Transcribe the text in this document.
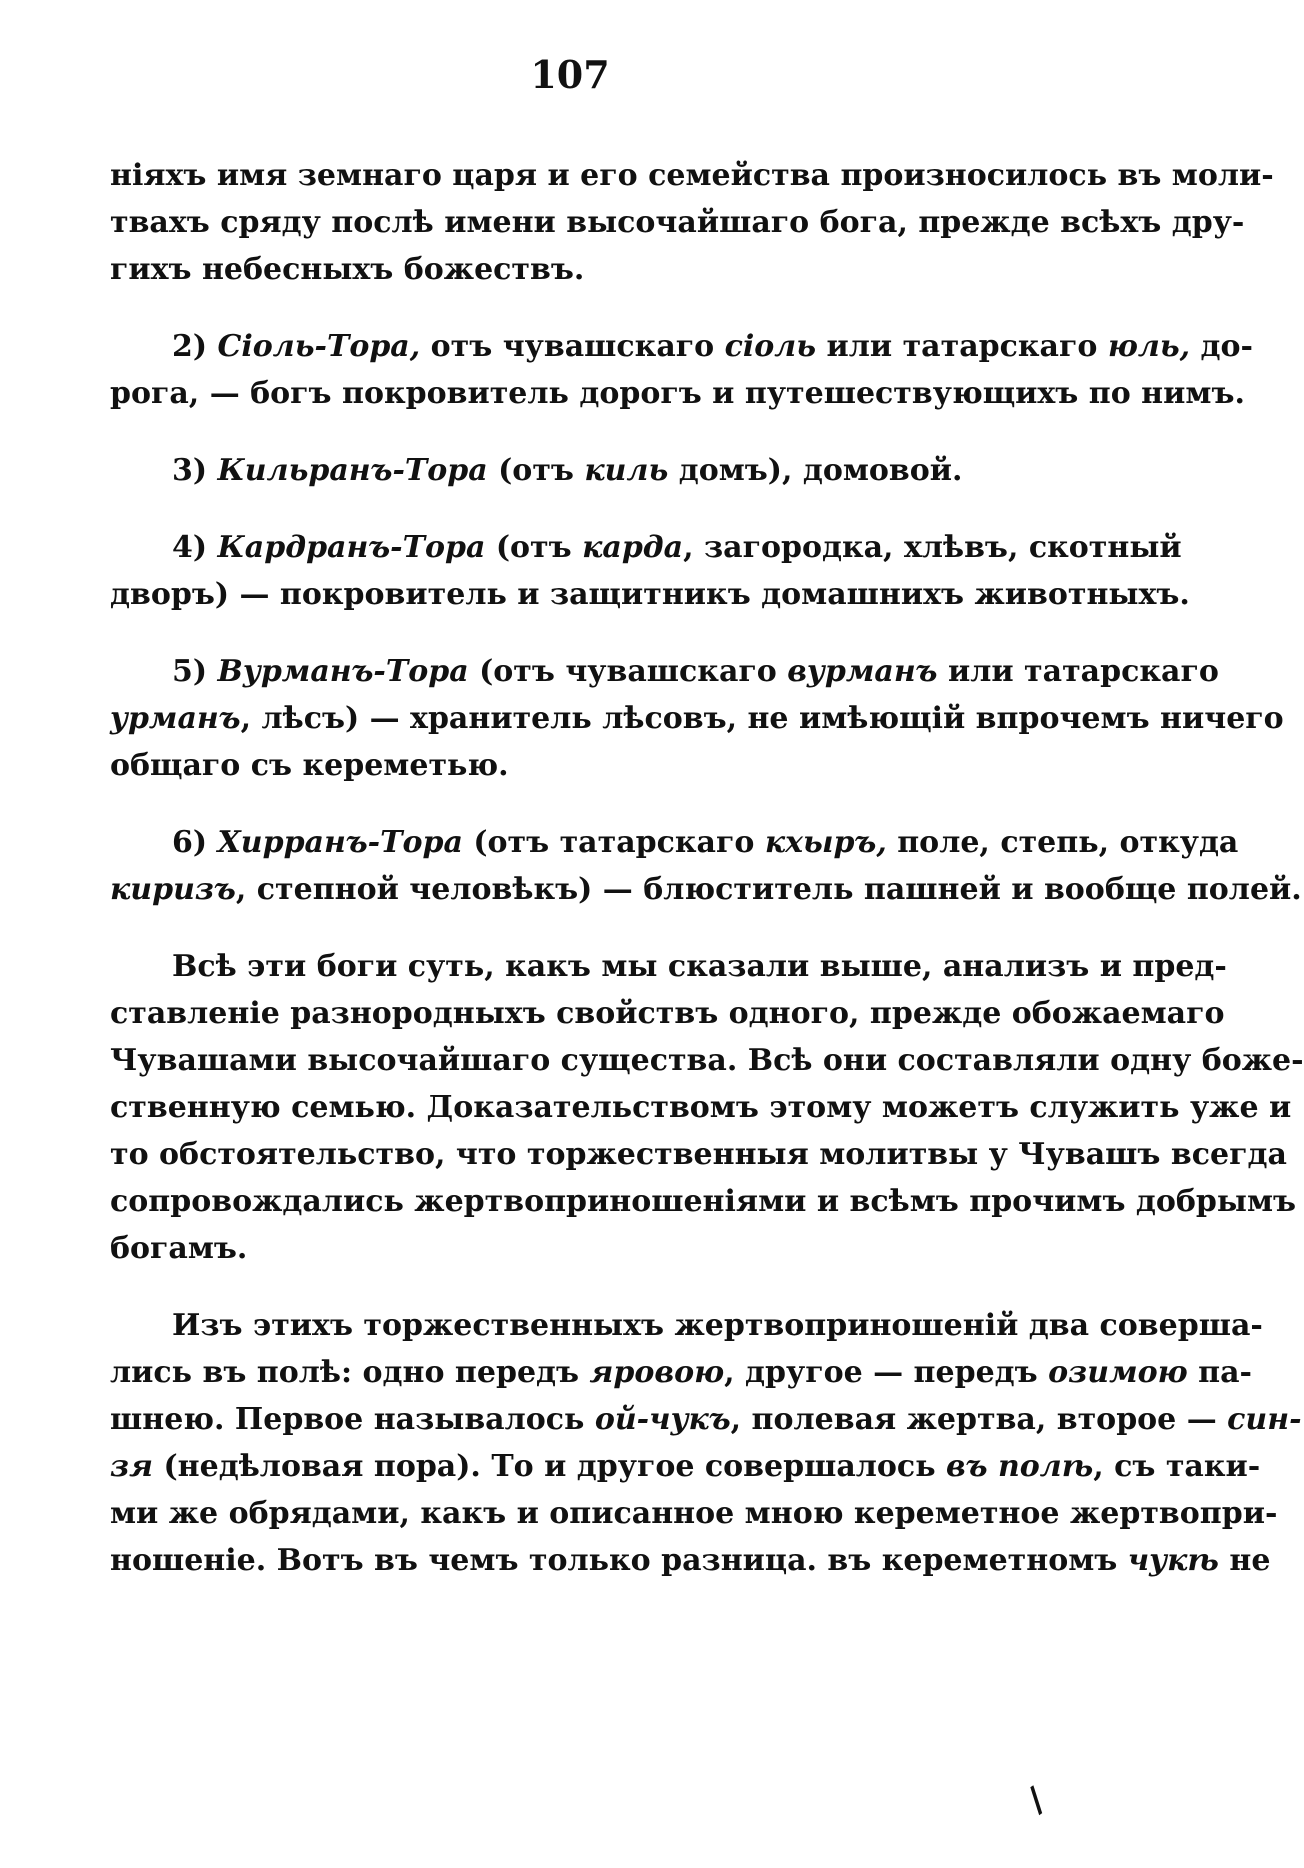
107
ніяхъ имя земнаго царя и его семейства произносилось въ моли-
твахъ сряду послѣ имени высочайшаго бога, прежде всѣхъ дру-
гихъ небесныхъ божествъ.
2) Сіоль-Тора, отъ чувашскаго сіоль или татарскаго юль, до-
рога, — богъ покровитель дорогъ и путешествующихъ по нимъ.
3) Кильранъ-Тора (отъ киль домъ), домовой.
4) Кардранъ-Тора (отъ карда, загородка, хлѣвъ, скотный
дворъ) — покровитель и защитникъ домашнихъ животныхъ.
5) Вурманъ-Тора (отъ чувашскаго вурманъ или татарскаго
урманъ, лѣсъ) — хранитель лѣсовъ, не имѣющій впрочемъ ничего
общаго съ кереметью.
6) Хирранъ-Тора (отъ татарскаго кхыръ, поле, степь, откуда
киризъ, степной человѣкъ) — блюститель пашней и вообще полей.
Всѣ эти боги суть, какъ мы сказали выше, анализъ и пред-
ставленіе разнородныхъ свойствъ одного, прежде обожаемаго
Чувашами высочайшаго существа. Всѣ они составляли одну боже-
ственную семью. Доказательствомъ этому можетъ служить уже и
то обстоятельство, что торжественныя молитвы у Чувашъ всегда
сопровождались жертвоприношеніями и всѣмъ прочимъ добрымъ
богамъ.
Изъ этихъ торжественныхъ жертвоприношеній два соверша-
лись въ полѣ: одно передъ яровою, другое — передъ озимою па-
шнею. Первое называлось ой-чукъ, полевая жертва, второе — син-
зя (недѣловая пора). То и другое совершалось въ полѣ, съ таки-
ми же обрядами, какъ и описанное мною кереметное жертвопри-
ношеніе. Вотъ въ чемъ только разница. въ кереметномъ чукѣ не
/
